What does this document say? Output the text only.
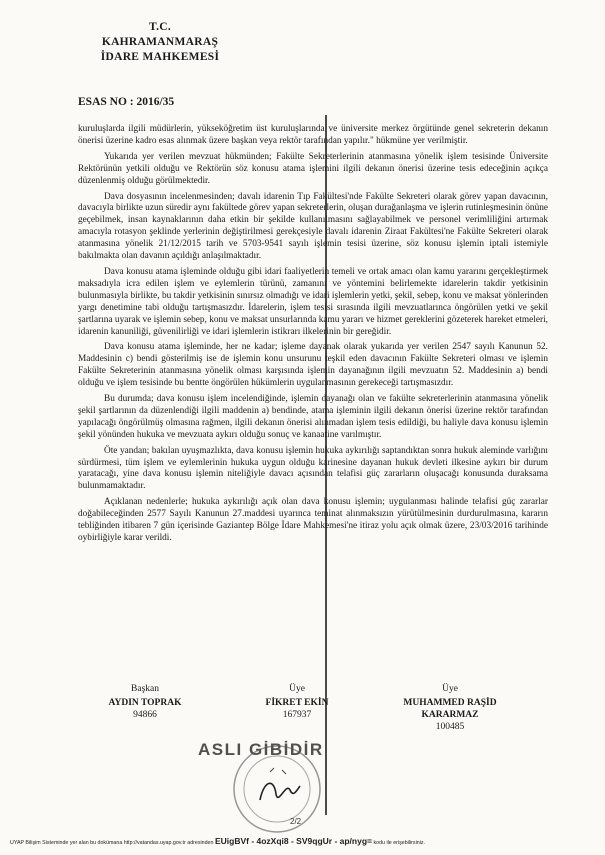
T.C.
KAHRAMANMARAŞ
İDARE MAHKEMESİ
ESAS NO : 2016/35

kuruluşlarda ilgili müdürlerin, yükseköğretim üst kuruluşlarında ve üniversite merkez örgütünde genel sekreterin dekanın önerisi üzerine kadro esas alınmak üzere başkan veya rektör tarafından yapılır." hükmüne yer verilmiştir.

Yukarıda yer verilen mevzuat hükmünden; Fakülte Sekreterlerinin atanmasına yönelik işlem tesisinde Üniversite Rektörünün yetkili olduğu ve Rektörün söz konusu atama işlemini ilgili dekanın önerisi üzerine tesis edeceğinin açıkça düzenlenmiş olduğu görülmektedir.

Dava dosyasının incelenmesinden; davalı idarenin Tıp Fakültesi'nde Fakülte Sekreteri olarak görev yapan davacının, davacıyla birlikte uzun süredir aynı fakültede görev yapan sekreterlerin, oluşan durağanlaşma ve işlerin rutinleşmesinin önüne geçebilmek, insan kaynaklarının daha etkin bir şekilde kullanılmasını sağlayabilmek ve personel verimliliğini artırmak amacıyla rotasyon şeklinde yerlerinin değiştirilmesi gerekçesiyle davalı idarenin Ziraat Fakültesi'ne Fakülte Sekreteri olarak atanmasına yönelik 21/12/2015 tarih ve 5703-9541 sayılı işlemin tesisi üzerine, söz konusu işlemin iptali istemiyle bakılmakta olan davanın açıldığı anlaşılmaktadır.

Dava konusu atama işleminde olduğu gibi idari faaliyetlerin temeli ve ortak amacı olan kamu yararını gerçekleştirmek maksadıyla icra edilen işlem ve eylemlerin türünü, zamanını ve yöntemini belirlemekte idarelerin takdir yetkisinin bulunmasıyla birlikte, bu takdir yetkisinin sınırsız olmadığı ve idari işlemlerin yetki, şekil, sebep, konu ve maksat yönlerinden yargı denetimine tabi olduğu tartışmasızdır. İdarelerin, işlem tesisi sırasında ilgili mevzuatlarınca öngörülen yetki ve şekil şartlarına uyarak ve işlemin sebep, konu ve maksat unsurlarında kamu yararı ve hizmet gereklerini gözeterek hareket etmeleri, idarenin kanuniliği, güvenilirliği ve idari işlemlerin istikrarı ilkelerinin bir gereğidir.

Dava konusu atama işleminde, her ne kadar; işleme dayanak olarak yukarıda yer verilen 2547 sayılı Kanunun 52. Maddesinin c) bendi gösterilmiş ise de işlemin konu unsurunu teşkil eden davacının Fakülte Sekreteri olması ve işlemin Fakülte Sekreterinin atanmasına yönelik olması karşısında işlemin dayanağının ilgili mevzuatın 52. Maddesinin a) bendi olduğu ve işlem tesisinde bu bentte öngörülen hükümlerin uygulanmasının gerekeceği tartışmasızdır.

Bu durumda; dava konusu işlem incelendiğinde, işlemin dayanağı olan ve fakülte sekreterlerinin atanmasına yönelik şekil şartlarının da düzenlendiği ilgili maddenin a) bendinde, atama işleminin ilgili dekanın önerisi üzerine rektör tarafından yapılacağı öngörülmüş olmasına rağmen, ilgili dekanın önerisi alınmadan işlem tesis edildiği, bu haliyle dava konusu işlemin şekil yönünden hukuka ve mevzuata aykırı olduğu sonuç ve kanaatine varılmıştır.

Öte yandan; bakılan uyuşmazlıkta, dava konusu işlemin hukuka aykırılığı saptandıktan sonra hukuk aleminde varlığını sürdürmesi, tüm işlem ve eylemlerinin hukuka uygun olduğu karinesine dayanan hukuk devleti ilkesine aykırı bir durum yaratacağı, yine dava konusu işlemin niteliğiyle davacı açısından telafisi güç zararların oluşacağı konusunda duraksama bulunmamaktadır.

Açıklanan nedenlerle; hukuka aykırılığı açık olan dava konusu işlemin; uygulanması halinde telafisi güç zararlar doğabileceğinden 2577 Sayılı Kanunun 27.maddesi uyarınca teminat alınmaksızın yürütülmesinin durdurulmasına, kararın tebliğinden itibaren 7 gün içerisinde Gaziantep Bölge İdare Mahkemesi'ne itiraz yolu açık olmak üzere, 23/03/2016 tarihinde oybirliğiyle karar verildi.

Başkan
AYDIN TOPRAK
94866
Üye
FİKRET EKİN
167937
Üye
MUHAMMED RAŞİD
KARARMAZ
100485
ASLI GİBİDİR
2/2
UYAP Bilişim Sisteminde yer alan bu dokümana http://vatandas.uyap.gov.tr adresinden EUigBVf - 4ozXqi8 - SV9qgUr - ap/nyg= kodu ile erişebilirsiniz.
